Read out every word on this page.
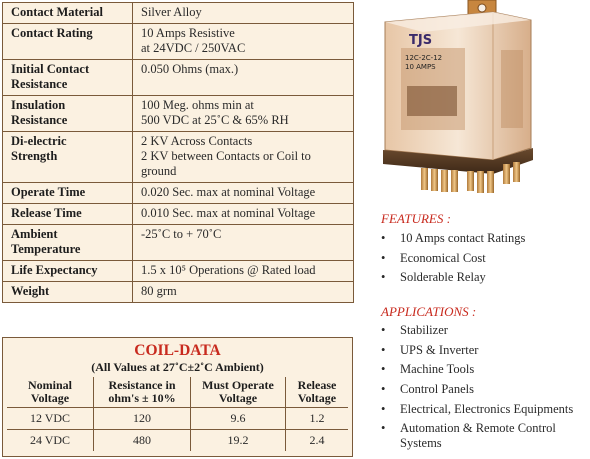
Contact Material	Silver Alloy
Contact Rating	10 Amps Resistive
at 24VDC / 250VAC

Initial Contact Resistance	0.050 Ohms (max.)

Insulation Resistance	100 Meg. ohms min at
500 VDC at 25˚C & 65% RH

Di-electric Strength	2 KV Across Contacts
2 KV between Contacts or Coil to ground
Operate Time	0.020 Sec. max at nominal Voltage
Release Time	0.010 Sec. max at nominal Voltage

Ambient Temperature	-25˚C to + 70˚C
Life Expectancy	1.5 x 10⁵ Operations @ Rated load
Weight	80 grm
COIL-DATA
(All Values at 27˚C±2˚C Ambient)
Nominal Voltage	Resistance in ohm's ± 10%	Must Operate Voltage	Release Voltage

12 VDC	120	9.6	1.2
24 VDC	480	19.2	2.4
TJS
12C-2C-12
10 AMPS
FEATURES :
• 10 Amps contact Ratings
• Economical Cost
• Solderable Relay
APPLICATIONS :
• Stabilizer
• UPS & Inverter
• Machine Tools
• Control Panels
• Electrical, Electronics Equipments
• Automation & Remote Control Systems
